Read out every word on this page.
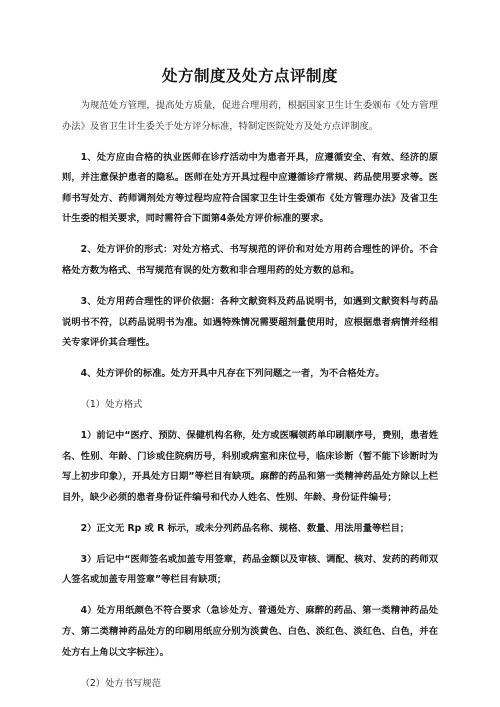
处方制度及处方点评制度

为规范处方管理，提高处方质量，促进合理用药，根据国家卫生计生委颁布《处方管理办法》及省卫生计生委关于处方评分标准，特制定医院处方及处方点评制度。

1、处方应由合格的执业医师在诊疗活动中为患者开具，应遵循安全、有效、经济的原则，并注意保护患者的隐私。医师在处方开具过程中应遵循诊疗常规、药品使用要求等。医师书写处方、药师调剂处方等过程均应符合国家卫生计生委颁布《处方管理办法》及省卫生计生委的相关要求，同时需符合下面第4条处方评价标准的要求。

2、处方评价的形式：对处方格式、书写规范的评价和对处方用药合理性的评价。不合格处方数为格式、书写规范有误的处方数和非合理用药的处方数的总和。

3、处方用药合理性的评价依据：各种文献资料及药品说明书，如遇到文献资料与药品说明书不符，以药品说明书为准。如遇特殊情况需要超剂量使用时，应根据患者病情并经相关专家评价其合理性。

4、处方评价的标准。处方开具中凡存在下列问题之一者，为不合格处方。

（1）处方格式

1）前记中“医疗、预防、保健机构名称，处方或医嘱领药单印刷顺序号，费别，患者姓名、性别、年龄、门诊或住院病历号，科别或病室和床位号，临床诊断（暂不能下诊断时为写上初步印象），开具处方日期”等栏目有缺项。麻醉的药品和第一类精神药品处方除以上栏目外，缺少必须的患者身份证件编号和代办人姓名、性别、年龄、身份证件编号；

2）正文无 Rp 或 R 标示，或未分列药品名称、规格、数量、用法用量等栏目；

3）后记中“医师签名或加盖专用签章，药品金额以及审核、调配、核对、发药的药师双人签名或加盖专用签章”等栏目有缺项；

4）处方用纸颜色不符合要求（急诊处方、普通处方、麻醉的药品、第一类精神药品处方、第二类精神药品处方的印刷用纸应分别为淡黄色、白色、淡红色、淡红色、白色，并在处方右上角以文字标注）。

（2）处方书写规范
